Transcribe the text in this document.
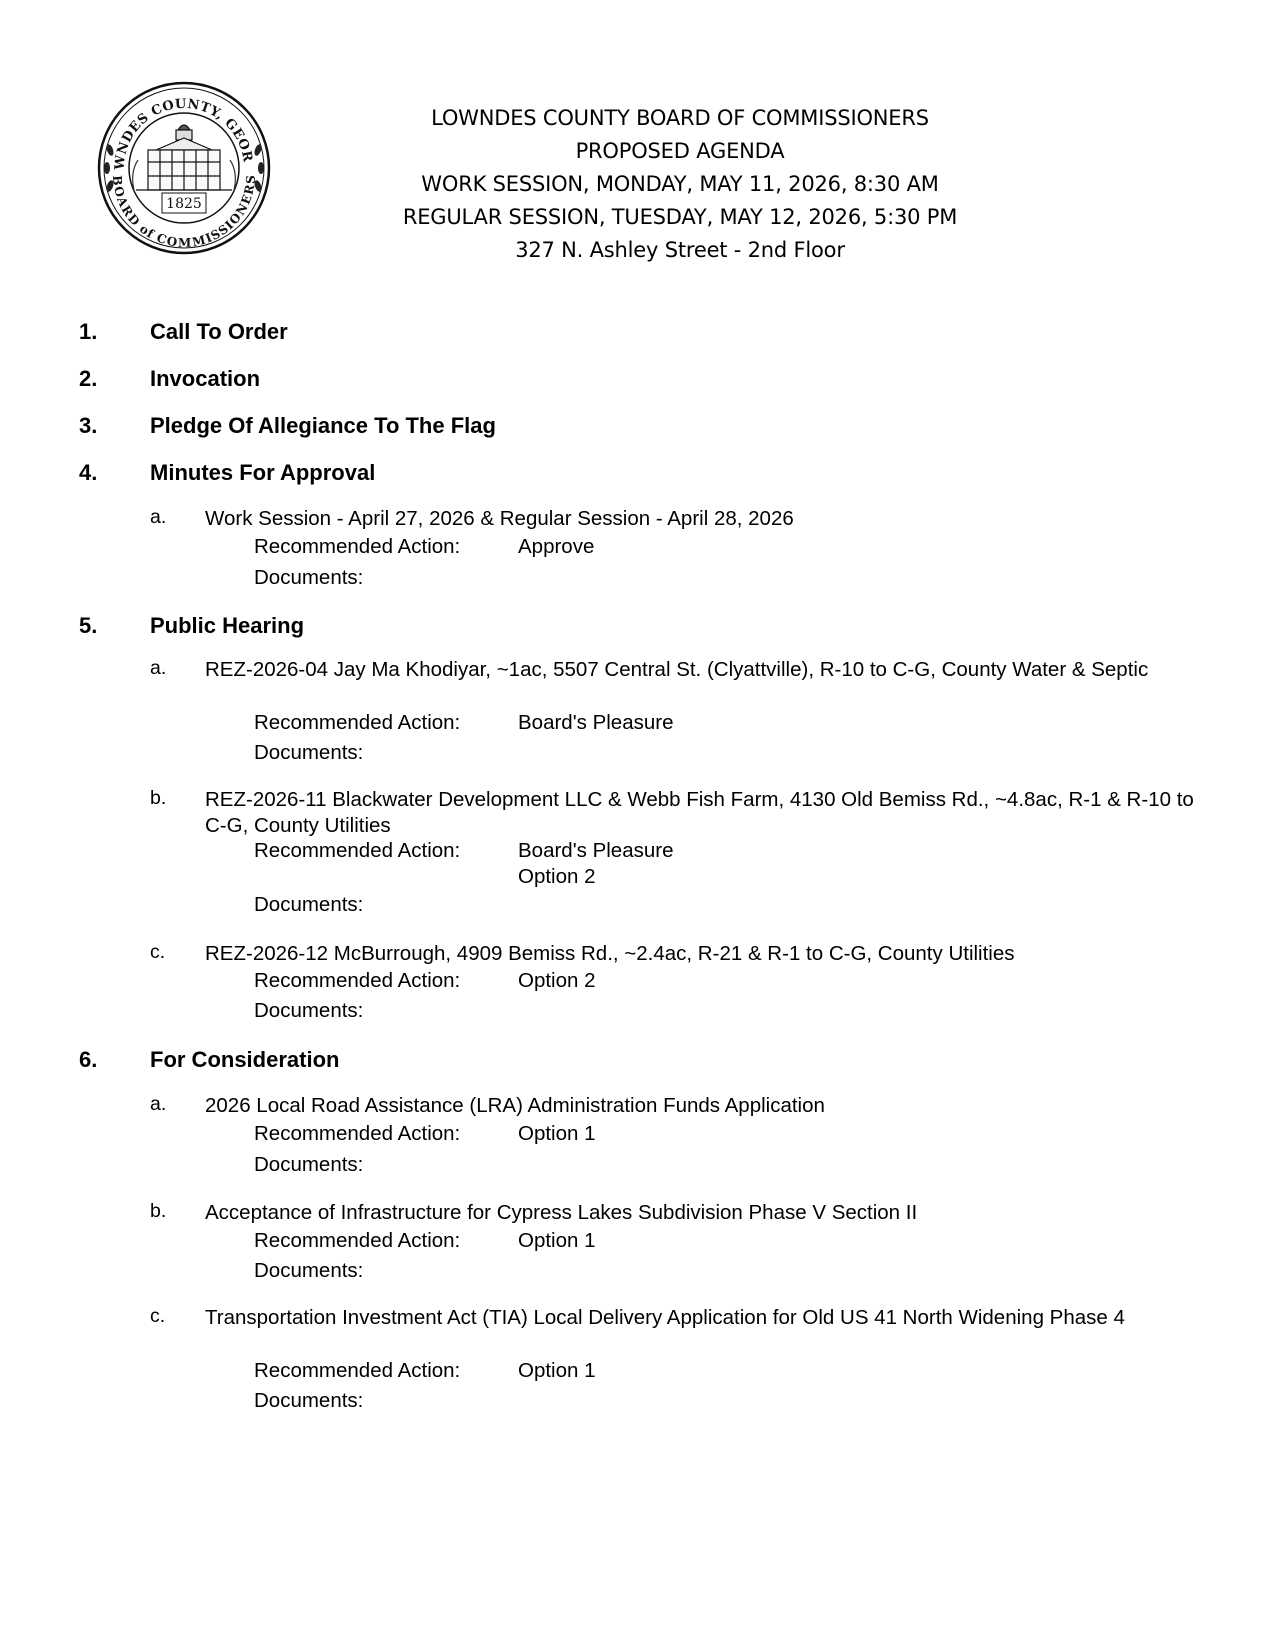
WNDES COUNTY, GEOR
BOARD of COMMISSIONERS
1825
LOWNDES COUNTY BOARD OF COMMISSIONERS
PROPOSED AGENDA
WORK SESSION, MONDAY, MAY 11, 2026, 8:30 AM
REGULAR SESSION, TUESDAY, MAY 12, 2026, 5:30 PM
327 N. Ashley Street - 2nd Floor
1. Call To Order
2. Invocation
3. Pledge Of Allegiance To The Flag
4. Minutes For Approval
a. Work Session - April 27, 2026 & Regular Session - April 28, 2026
Recommended Action:	Approve
Documents:
5. Public Hearing
a. REZ-2026-04 Jay Ma Khodiyar, ~1ac, 5507 Central St. (Clyattville), R-10 to C-G, County Water & Septic
Recommended Action:	Board's Pleasure
Documents:
b. REZ-2026-11 Blackwater Development LLC & Webb Fish Farm, 4130 Old Bemiss Rd., ~4.8ac, R-1 & R-10 to C-G, County Utilities
Recommended Action:	Board's Pleasure
Option 2
Documents:
c. REZ-2026-12 McBurrough, 4909 Bemiss Rd., ~2.4ac, R-21 & R-1 to C-G, County Utilities
Recommended Action:	Option 2
Documents:
6. For Consideration
a. 2026 Local Road Assistance (LRA) Administration Funds Application
Recommended Action:	Option 1
Documents:
b. Acceptance of Infrastructure for Cypress Lakes Subdivision Phase V Section II
Recommended Action:	Option 1
Documents:
c. Transportation Investment Act (TIA) Local Delivery Application for Old US 41 North Widening Phase 4
Recommended Action:	Option 1
Documents:
